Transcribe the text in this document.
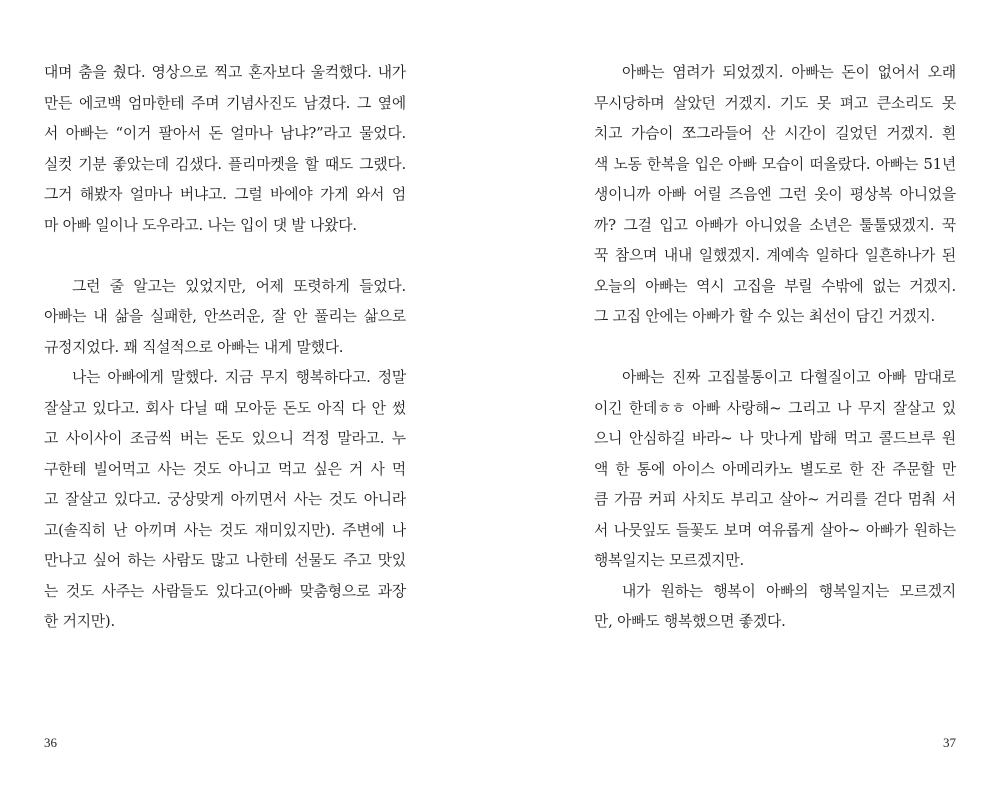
대며 춤을 췄다. 영상으로 찍고 혼자보다 울컥했다. 내가
만든 에코백 엄마한테 주며 기념사진도 남겼다. 그 옆에
서 아빠는 “이거 팔아서 돈 얼마나 남냐?”라고 물었다.
실컷 기분 좋았는데 김샜다. 플리마켓을 할 때도 그랬다.
그거 해봤자 얼마나 버냐고. 그럴 바에야 가게 와서 엄
마 아빠 일이나 도우라고. 나는 입이 댓 발 나왔다.
그런 줄 알고는 있었지만, 어제 또렷하게 들었다.
아빠는 내 삶을 실패한, 안쓰러운, 잘 안 풀리는 삶으로
규정지었다. 꽤 직설적으로 아빠는 내게 말했다.
나는 아빠에게 말했다. 지금 무지 행복하다고. 정말
잘살고 있다고. 회사 다닐 때 모아둔 돈도 아직 다 안 썼
고 사이사이 조금씩 버는 돈도 있으니 걱정 말라고. 누
구한테 빌어먹고 사는 것도 아니고 먹고 싶은 거 사 먹
고 잘살고 있다고. 궁상맞게 아끼면서 사는 것도 아니라
고(솔직히 난 아끼며 사는 것도 재미있지만). 주변에 나
만나고 싶어 하는 사람도 많고 나한테 선물도 주고 맛있
는 것도 사주는 사람들도 있다고(아빠 맞춤형으로 과장
한 거지만).
아빠는 염려가 되었겠지. 아빠는 돈이 없어서 오래
무시당하며 살았던 거겠지. 기도 못 펴고 큰소리도 못
치고 가슴이 쪼그라들어 산 시간이 길었던 거겠지. 흰
색 노동 한복을 입은 아빠 모습이 떠올랐다. 아빠는 51년
생이니까 아빠 어릴 즈음엔 그런 옷이 평상복 아니었을
까? 그걸 입고 아빠가 아니었을 소년은 툴툴댔겠지. 꾹
꾹 참으며 내내 일했겠지. 계예속 일하다 일흔하나가 된
오늘의 아빠는 역시 고집을 부릴 수밖에 없는 거겠지.
그 고집 안에는 아빠가 할 수 있는 최선이 담긴 거겠지.
아빠는 진짜 고집불통이고 다혈질이고 아빠 맘대로
이긴 한데ㅎㅎ 아빠 사랑해~ 그리고 나 무지 잘살고 있
으니 안심하길 바라~ 나 맛나게 밥해 먹고 콜드브루 원
액 한 통에 아이스 아메리카노 별도로 한 잔 주문할 만
큼 가끔 커피 사치도 부리고 살아~ 거리를 걷다 멈춰 서
서 나뭇잎도 들꽃도 보며 여유롭게 살아~ 아빠가 원하는
행복일지는 모르겠지만.
내가 원하는 행복이 아빠의 행복일지는 모르겠지
만, 아빠도 행복했으면 좋겠다.
36	37
